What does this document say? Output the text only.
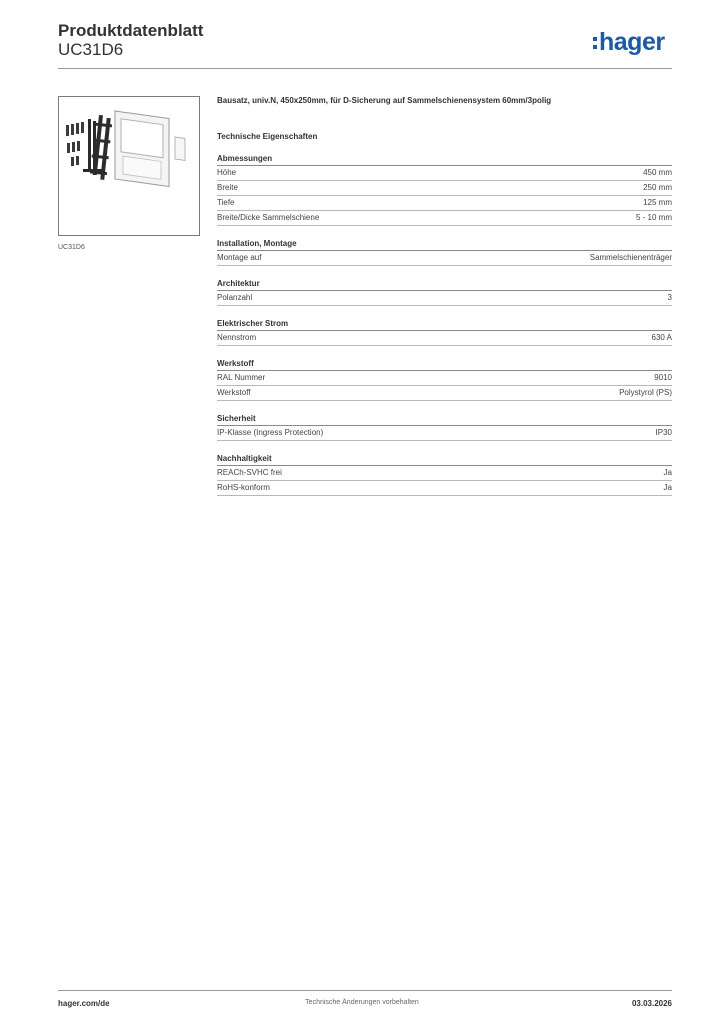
Produktdatenblatt
UC31D6	hager
UC31D6
Bausatz, univ.N, 450x250mm, für D-Sicherung auf Sammelschienensystem 60mm/3polig
Technische Eigenschaften
Abmessungen
Höhe	450 mm
Breite	250 mm
Tiefe	125 mm
Breite/Dicke Sammelschiene	5 - 10 mm
Installation, Montage
Montage auf	Sammelschienenträger
Architektur
Polanzahl	3
Elektrischer Strom
Nennstrom	630 A
Werkstoff
RAL Nummer	9010
Werkstoff	Polystyrol (PS)
Sicherheit
IP-Klasse (Ingress Protection)	IP30
Nachhaltigkeit
REACh-SVHC frei	Ja
RoHS-konform	Ja
hager.com/de	Technische Änderungen vorbehalten	03.03.2026
